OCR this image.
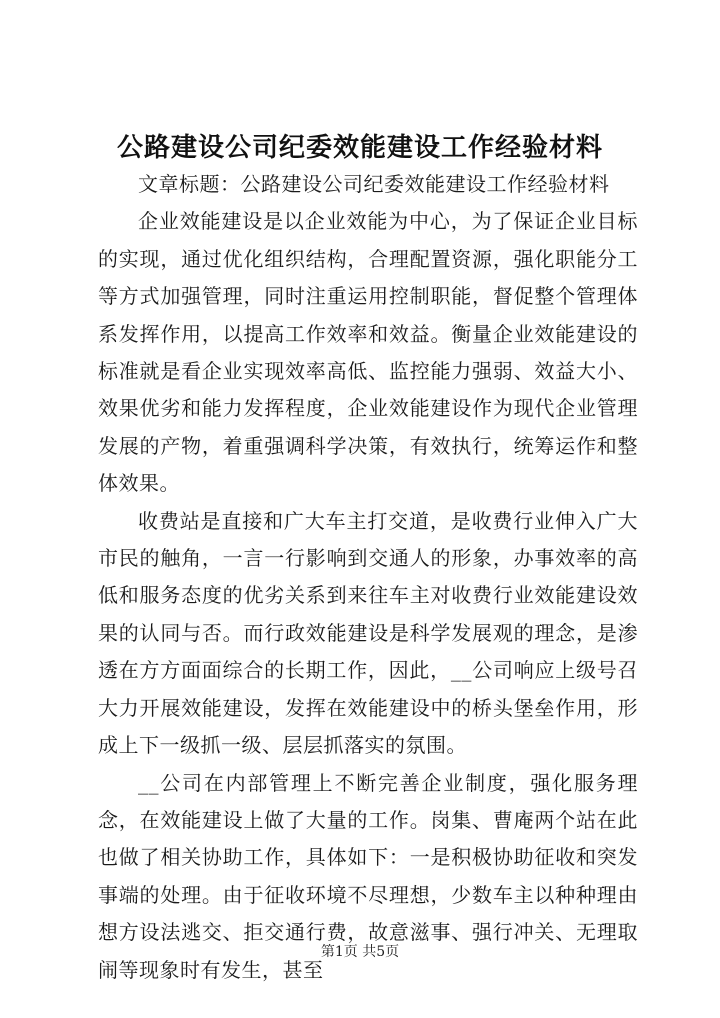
公路建设公司纪委效能建设工作经验材料

文章标题：公路建设公司纪委效能建设工作经验材料

企业效能建设是以企业效能为中心，为了保证企业目标的实现，通过优化组织结构，合理配置资源，强化职能分工等方式加强管理，同时注重运用控制职能，督促整个管理体系发挥作用，以提高工作效率和效益。衡量企业效能建设的标准就是看企业实现效率高低、监控能力强弱、效益大小、效果优劣和能力发挥程度，企业效能建设作为现代企业管理发展的产物，着重强调科学决策，有效执行，统筹运作和整体效果。

收费站是直接和广大车主打交道，是收费行业伸入广大市民的触角，一言一行影响到交通人的形象，办事效率的高低和服务态度的优劣关系到来往车主对收费行业效能建设效果的认同与否。而行政效能建设是科学发展观的理念，是渗透在方方面面综合的长期工作，因此，__公司响应上级号召大力开展效能建设，发挥在效能建设中的桥头堡垒作用，形成上下一级抓一级、层层抓落实的氛围。

__公司在内部管理上不断完善企业制度，强化服务理念，在效能建设上做了大量的工作。岗集、曹庵两个站在此也做了相关协助工作，具体如下：一是积极协助征收和突发事端的处理。由于征收环境不尽理想，少数车主以种种理由想方设法逃交、拒交通行费，故意滋事、强行冲关、无理取闹等现象时有发生，甚至

第1页 共5页
